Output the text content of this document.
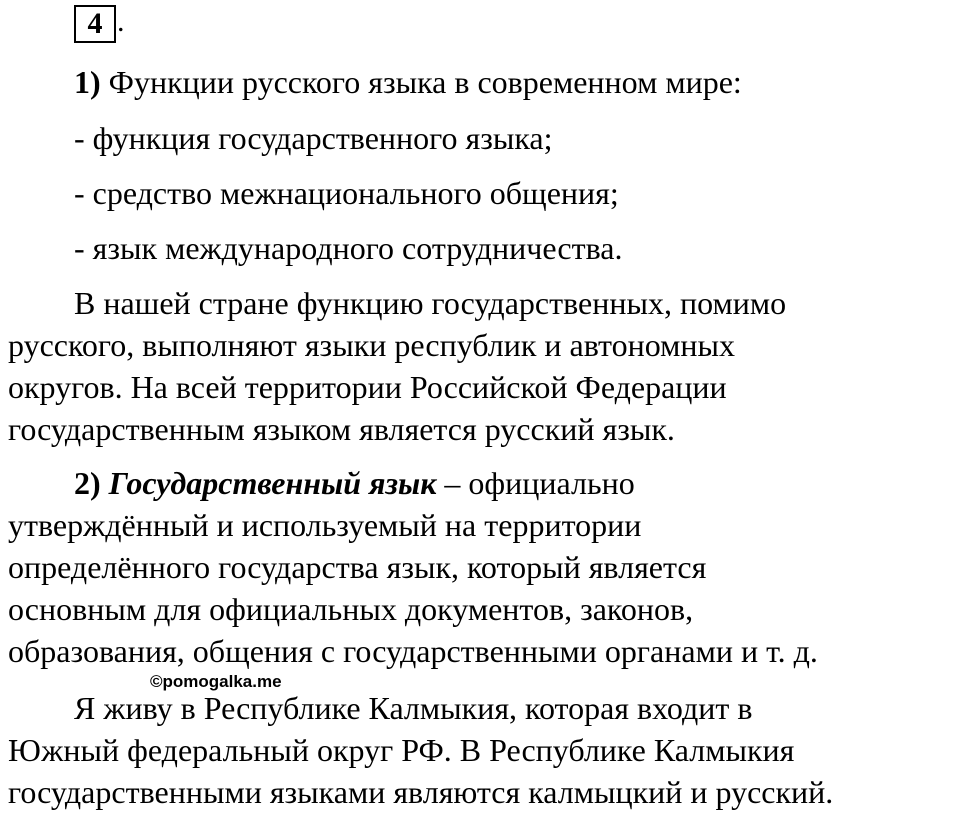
4 .
1) Функции русского языка в современном мире:
- функция государственного языка;
- средство межнационального общения;
- язык международного сотрудничества.
В нашей стране функцию государственных, помимо
русского, выполняют языки республик и автономных
округов. На всей территории Российской Федерации
государственным языком является русский язык.
2) Государственный язык – официально
утверждённый и используемый на территории
определённого государства язык, который является
основным для официальных документов, законов,
образования, общения с государственными органами и т. д.
©pomogalka.me
Я живу в Республике Калмыкия, которая входит в
Южный федеральный округ РФ. В Республике Калмыкия
государственными языками являются калмыцкий и русский.
